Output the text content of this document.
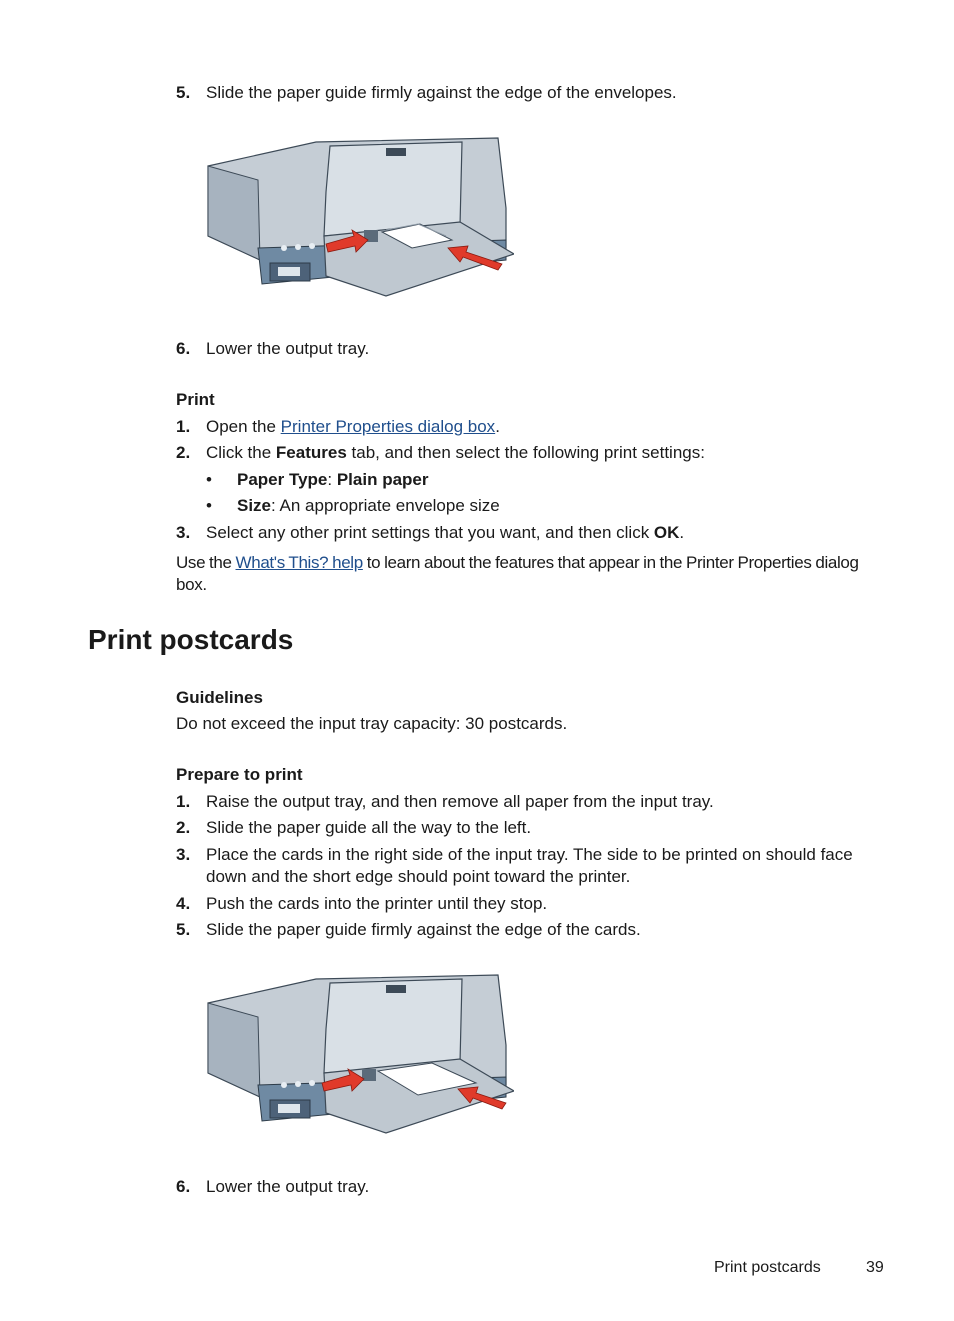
5. Slide the paper guide firmly against the edge of the envelopes.
6. Lower the output tray.
Print
1. Open the Printer Properties dialog box.
2. Click the Features tab, and then select the following print settings:
• Paper Type: Plain paper
• Size: An appropriate envelope size
3. Select any other print settings that you want, and then click OK.
Use the What's This? help to learn about the features that appear in the Printer Properties dialog box.
Print postcards
Guidelines
Do not exceed the input tray capacity: 30 postcards.
Prepare to print
1. Raise the output tray, and then remove all paper from the input tray.
2. Slide the paper guide all the way to the left.
3. Place the cards in the right side of the input tray. The side to be printed on should face down and the short edge should point toward the printer.
4. Push the cards into the printer until they stop.
5. Slide the paper guide firmly against the edge of the cards.
6. Lower the output tray.
Print postcards	39
